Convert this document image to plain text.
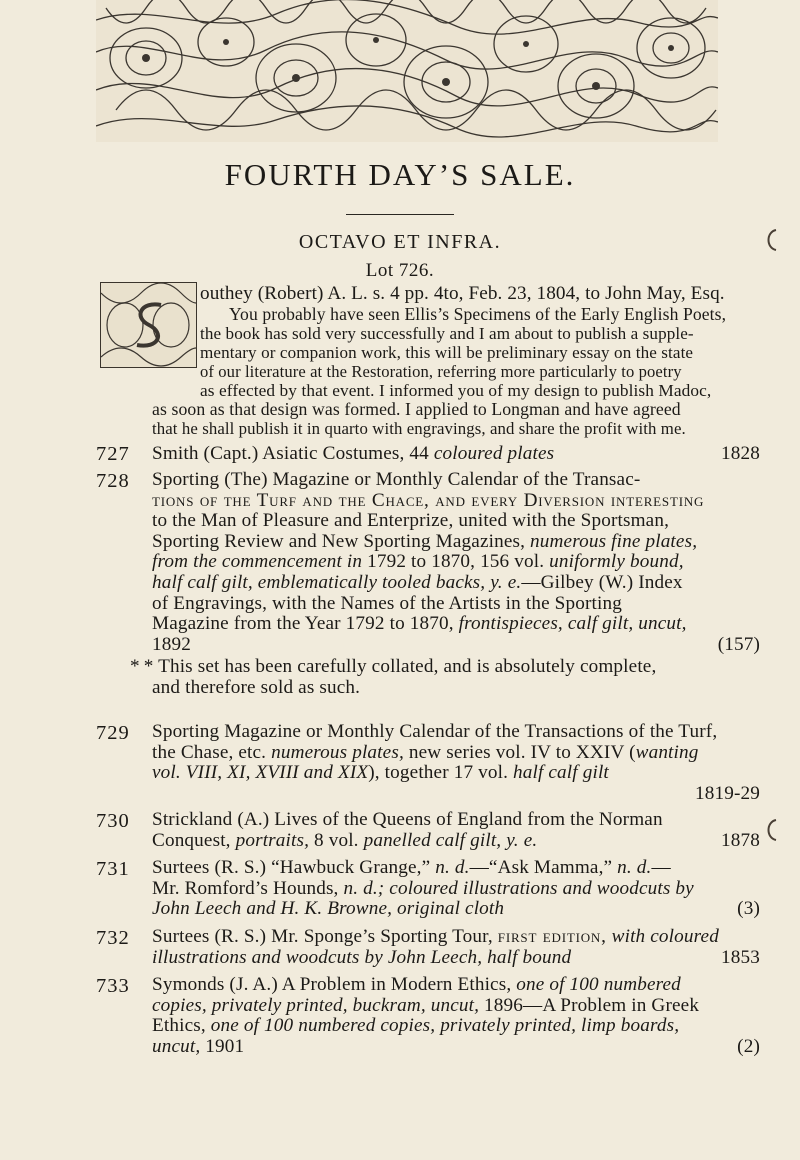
FOURTH DAY’S SALE.
OCTAVO ET INFRA.
Lot 726.
outhey (Robert) A. L. s. 4 pp. 4to, Feb. 23, 1804, to John May, Esq.
You probably have seen Ellis’s Specimens of the Early English Poets,
the book has sold very successfully and I am about to publish a supple-
mentary or companion work, this will be preliminary essay on the state
of our literature at the Restoration, referring more particularly to poetry
as effected by that event. I informed you of my design to publish Madoc,
as soon as that design was formed. I applied to Longman and have agreed
that he shall publish it in quarto with engravings, and share the profit with me.
727 Smith (Capt.) Asiatic Costumes, 44 coloured plates	1828
728 Sporting (The) Magazine or Monthly Calendar of the Transac-
tions of the Turf and the Chace, and every Diversion interesting
to the Man of Pleasure and Enterprize, united with the Sportsman,
Sporting Review and New Sporting Magazines, numerous fine plates,
from the commencement in 1792 to 1870, 156 vol. uniformly bound,
half calf gilt, emblematically tooled backs, y. e.—Gilbey (W.) Index
of Engravings, with the Names of the Artists in the Sporting
Magazine from the Year 1792 to 1870, frontispieces, calf gilt, uncut,
1892	(157)
* * This set has been carefully collated, and is absolutely complete,
and therefore sold as such.
729 Sporting Magazine or Monthly Calendar of the Transactions of the Turf,
the Chase, etc. numerous plates, new series vol. IV to XXIV (wanting
vol. VIII, XI, XVIII and XIX), together 17 vol. half calf gilt
1819-29

730 Strickland (A.) Lives of the Queens of England from the Norman
Conquest, portraits, 8 vol. panelled calf gilt, y. e.	1878
731 Surtees (R. S.) “Hawbuck Grange,” n. d.—“Ask Mamma,” n. d.—
Mr. Romford’s Hounds, n. d.; coloured illustrations and woodcuts by
John Leech and H. K. Browne, original cloth	(3)
732 Surtees (R. S.) Mr. Sponge’s Sporting Tour, first edition, with coloured
illustrations and woodcuts by John Leech, half bound	1853
733 Symonds (J. A.) A Problem in Modern Ethics, one of 100 numbered
copies, privately printed, buckram, uncut, 1896—A Problem in Greek
Ethics, one of 100 numbered copies, privately printed, limp boards,
uncut, 1901	(2)
